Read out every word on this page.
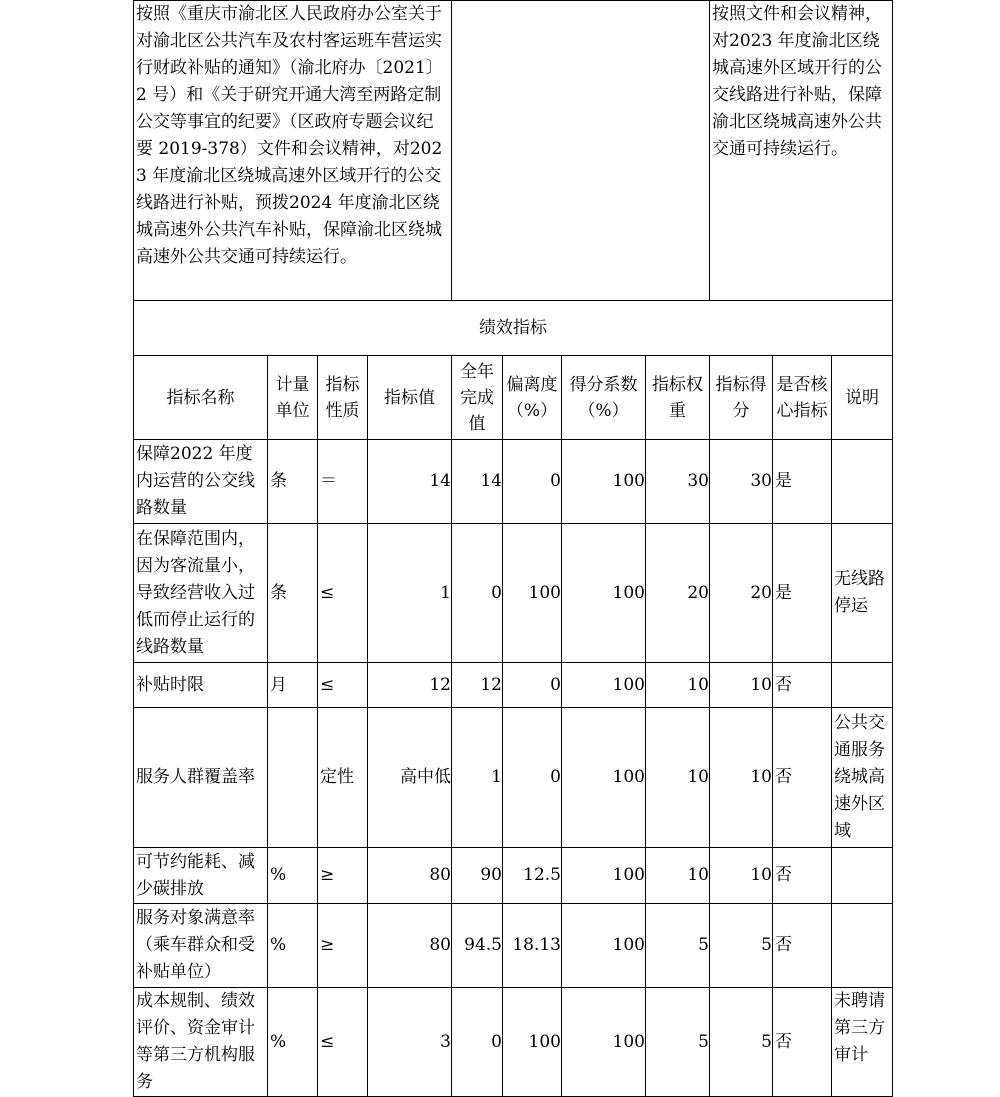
按照《重庆市渝北区人民政府办公室关于对渝北区公共汽车及农村客运班车营运实行财政补贴的通知》（渝北府办〔2021〕2 号）和《关于研究开通大湾至两路定制公交等事宜的纪要》（区政府专题会议纪要 2019-378）文件和会议精神，对2023 年度渝北区绕城高速外区域开行的公交线路进行补贴，预拨2024 年度渝北区绕城高速外公共汽车补贴，保障渝北区绕城高速外公共交通可持续运行。								按照文件和会议精神，对2023 年度渝北区绕城高速外区域开行的公交线路进行补贴，保障渝北区绕城高速外公共交通可持续运行。		
绩效指标										
指标名称	计量单位	指标性质	指标值	全年完成值	偏离度（%）	得分系数（%）	指标权重	指标得分	是否核心指标	说明
保障2022 年度内运营的公交线路数量	条	＝	14	14	0	100	30	30	是	
在保障范围内，因为客流量小，导致经营收入过低而停止运行的线路数量	条	≤	1	0	100	100	20	20	是	无线路停运
补贴时限	月	≤	12	12	0	100	10	10	否	
服务人群覆盖率		定性	高中低	1	0	100	10	10	否	公共交通服务绕城高速外区域
可节约能耗、减少碳排放	%	≥	80	90	12.5	100	10	10	否	
服务对象满意率（乘车群众和受补贴单位）	%	≥	80	94.5	18.13	100	5	5	否	
成本规制、绩效评价、资金审计等第三方机构服务	%	≤	3	0	100	100	5	5	否	未聘请第三方审计
